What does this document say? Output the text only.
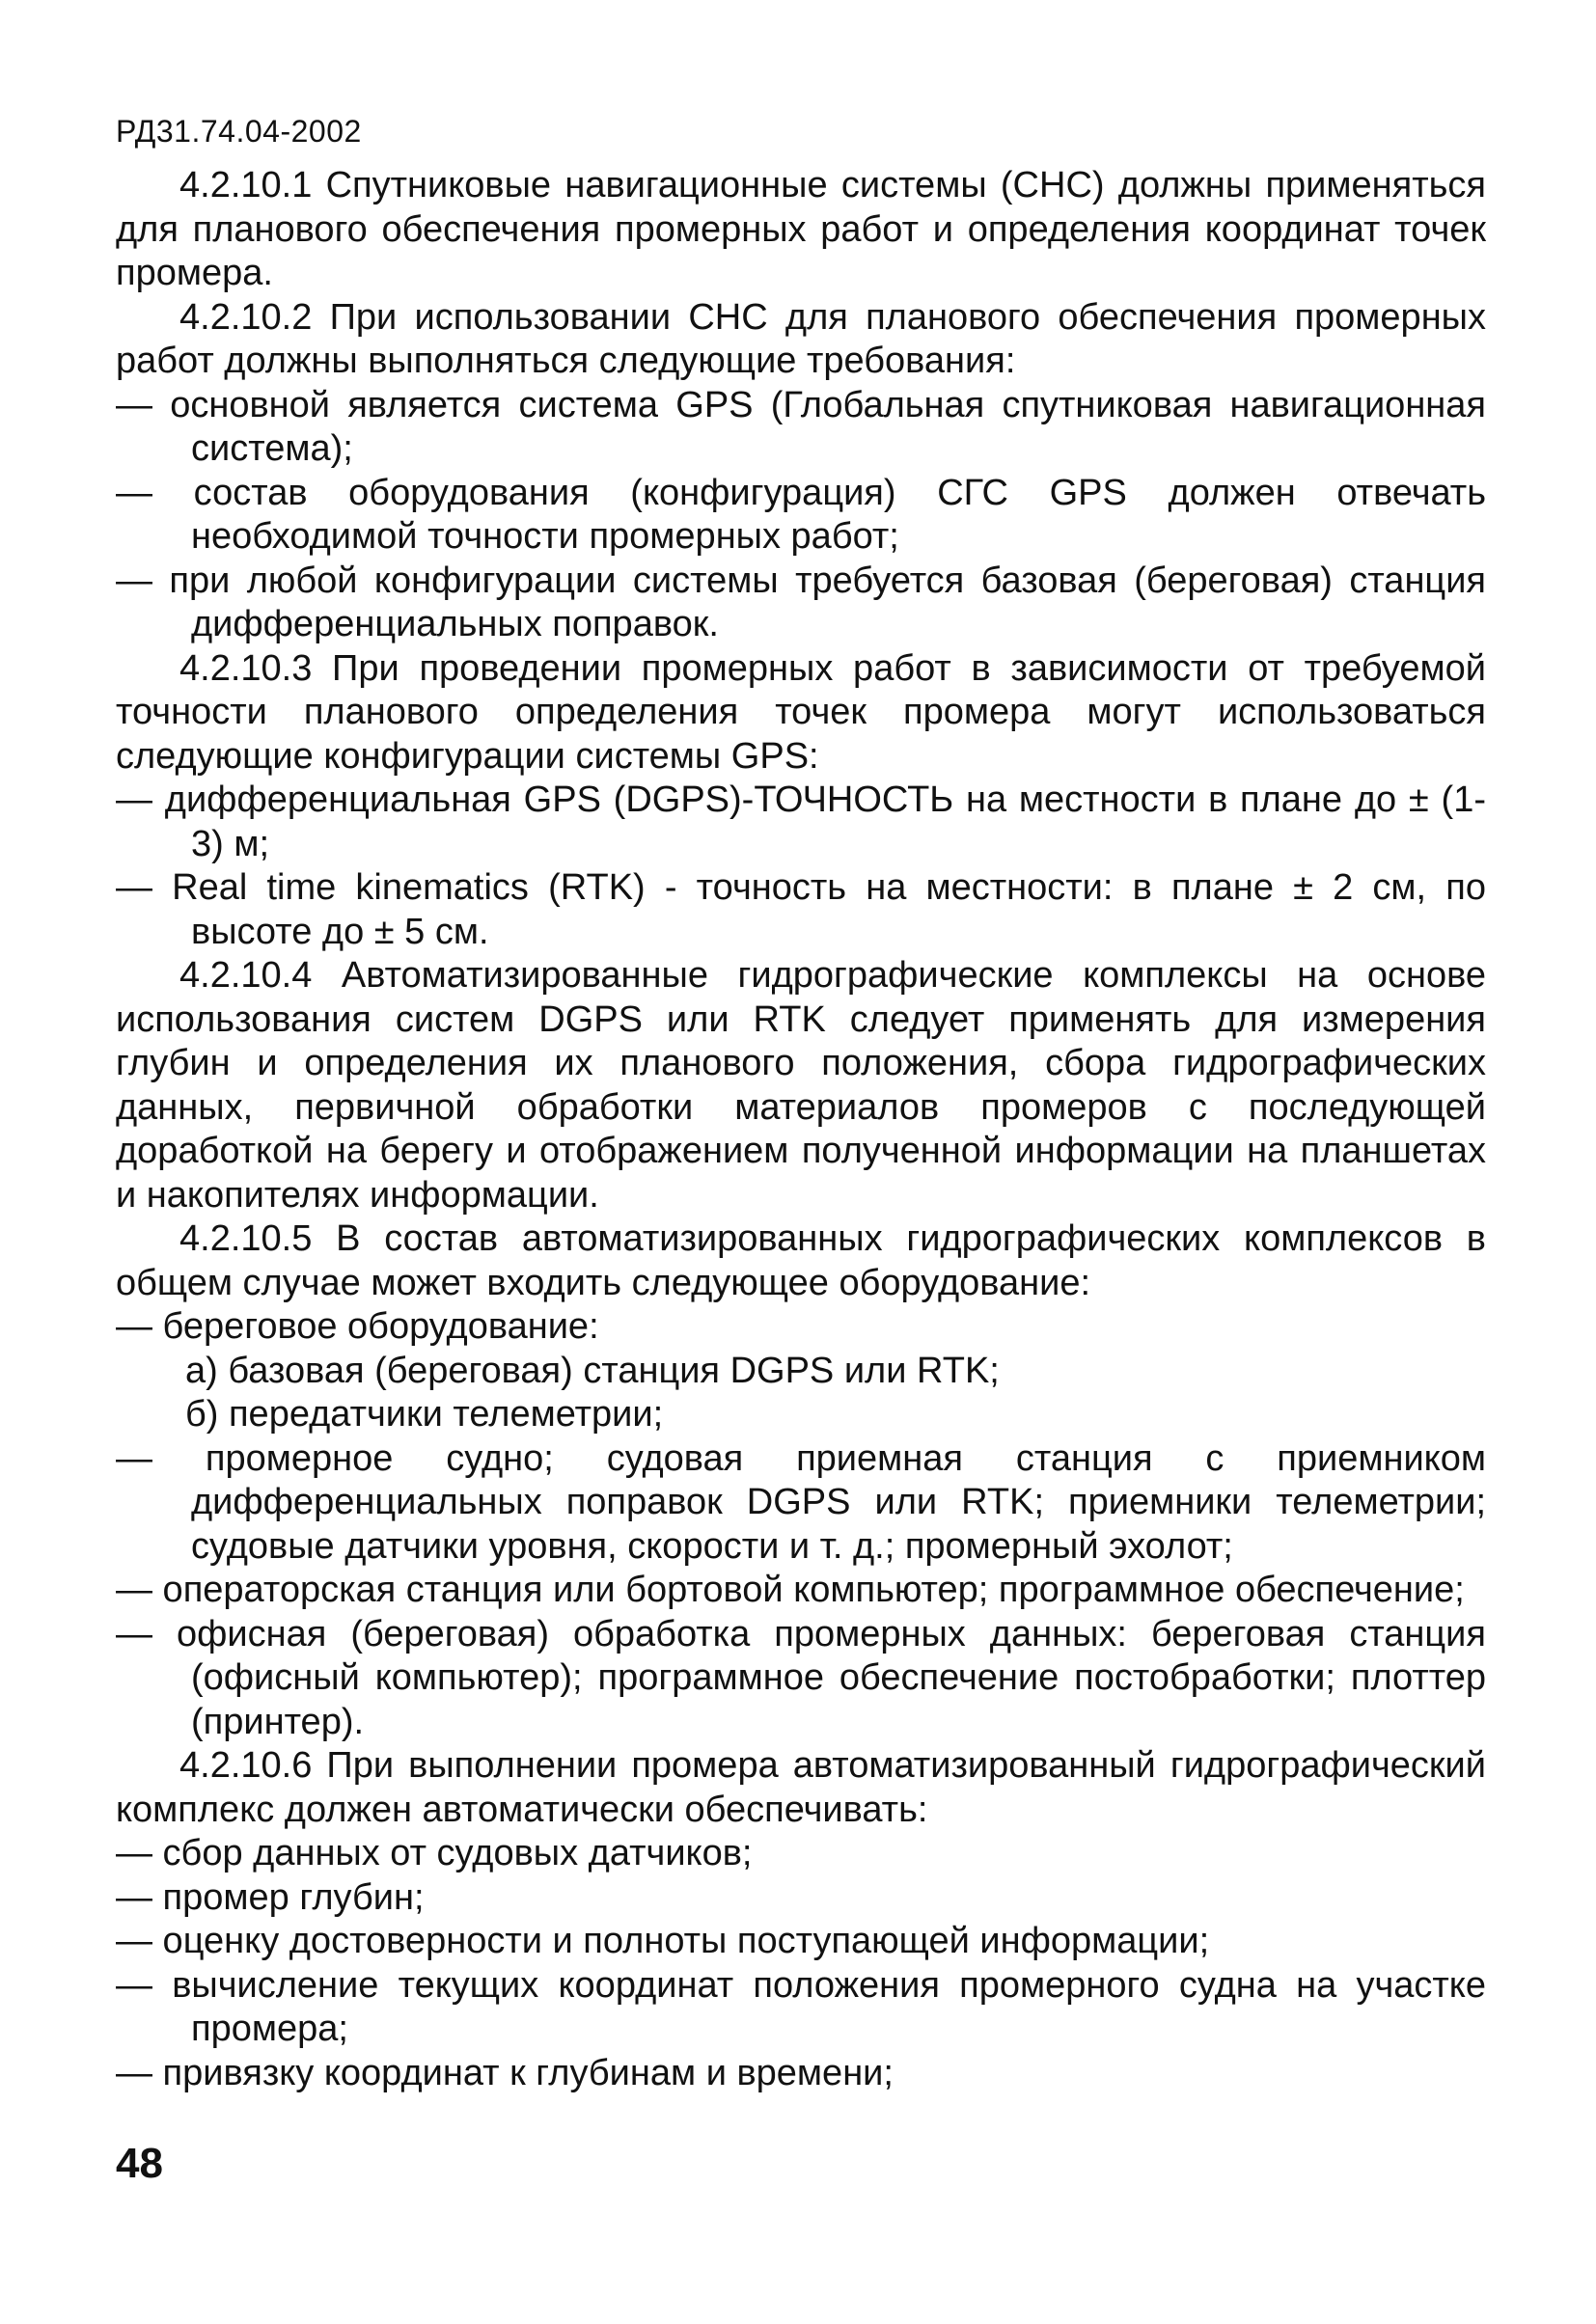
РД31.74.04-2002

4.2.10.1 Спутниковые навигационные системы (СНС) должны применяться для планового обеспечения промерных работ и определения координат точек промера.

4.2.10.2 При использовании СНС для планового обеспечения промерных работ должны выполняться следующие требования:

— основной является система GPS (Глобальная спутниковая навигационная система);

— состав оборудования (конфигурация) СГС GPS должен отвечать необходимой точности промерных работ;

— при любой конфигурации системы требуется базовая (береговая) станция дифференциальных поправок.

4.2.10.3 При проведении промерных работ в зависимости от требуемой точности планового определения точек промера могут использоваться следующие конфигурации системы GPS:

— дифференциальная GPS (DGPS)-ТОЧНОСТЬ на местности в плане до ± (1-3) м;

— Real time kinematics (RTK) - точность на местности: в плане ± 2 см, по высоте до ± 5 см.

4.2.10.4 Автоматизированные гидрографические комплексы на основе использования систем DGPS или RTK следует применять для измерения глубин и определения их планового положения, сбора гидрографических данных, первичной обработки материалов промеров с последующей доработкой на берегу и отображением полученной информации на планшетах и накопителях информации.

4.2.10.5 В состав автоматизированных гидрографических комплексов в общем случае может входить следующее оборудование:

— береговое оборудование:

а) базовая (береговая) станция DGPS или RTK;

б) передатчики телеметрии;

— промерное судно; судовая приемная станция с приемником дифференциальных поправок DGPS или RTK; приемники телеметрии; судовые датчики уровня, скорости и т. д.; промерный эхолот;

— операторская станция или бортовой компьютер; программное обеспечение;

— офисная (береговая) обработка промерных данных: береговая станция (офисный компьютер); программное обеспечение постобработки; плоттер (принтер).

4.2.10.6 При выполнении промера автоматизированный гидрографический комплекс должен автоматически обеспечивать:

— сбор данных от судовых датчиков;

— промер глубин;

— оценку достоверности и полноты поступающей информации;

— вычисление текущих координат положения промерного судна на участке промера;

— привязку координат к глубинам и времени;

48
